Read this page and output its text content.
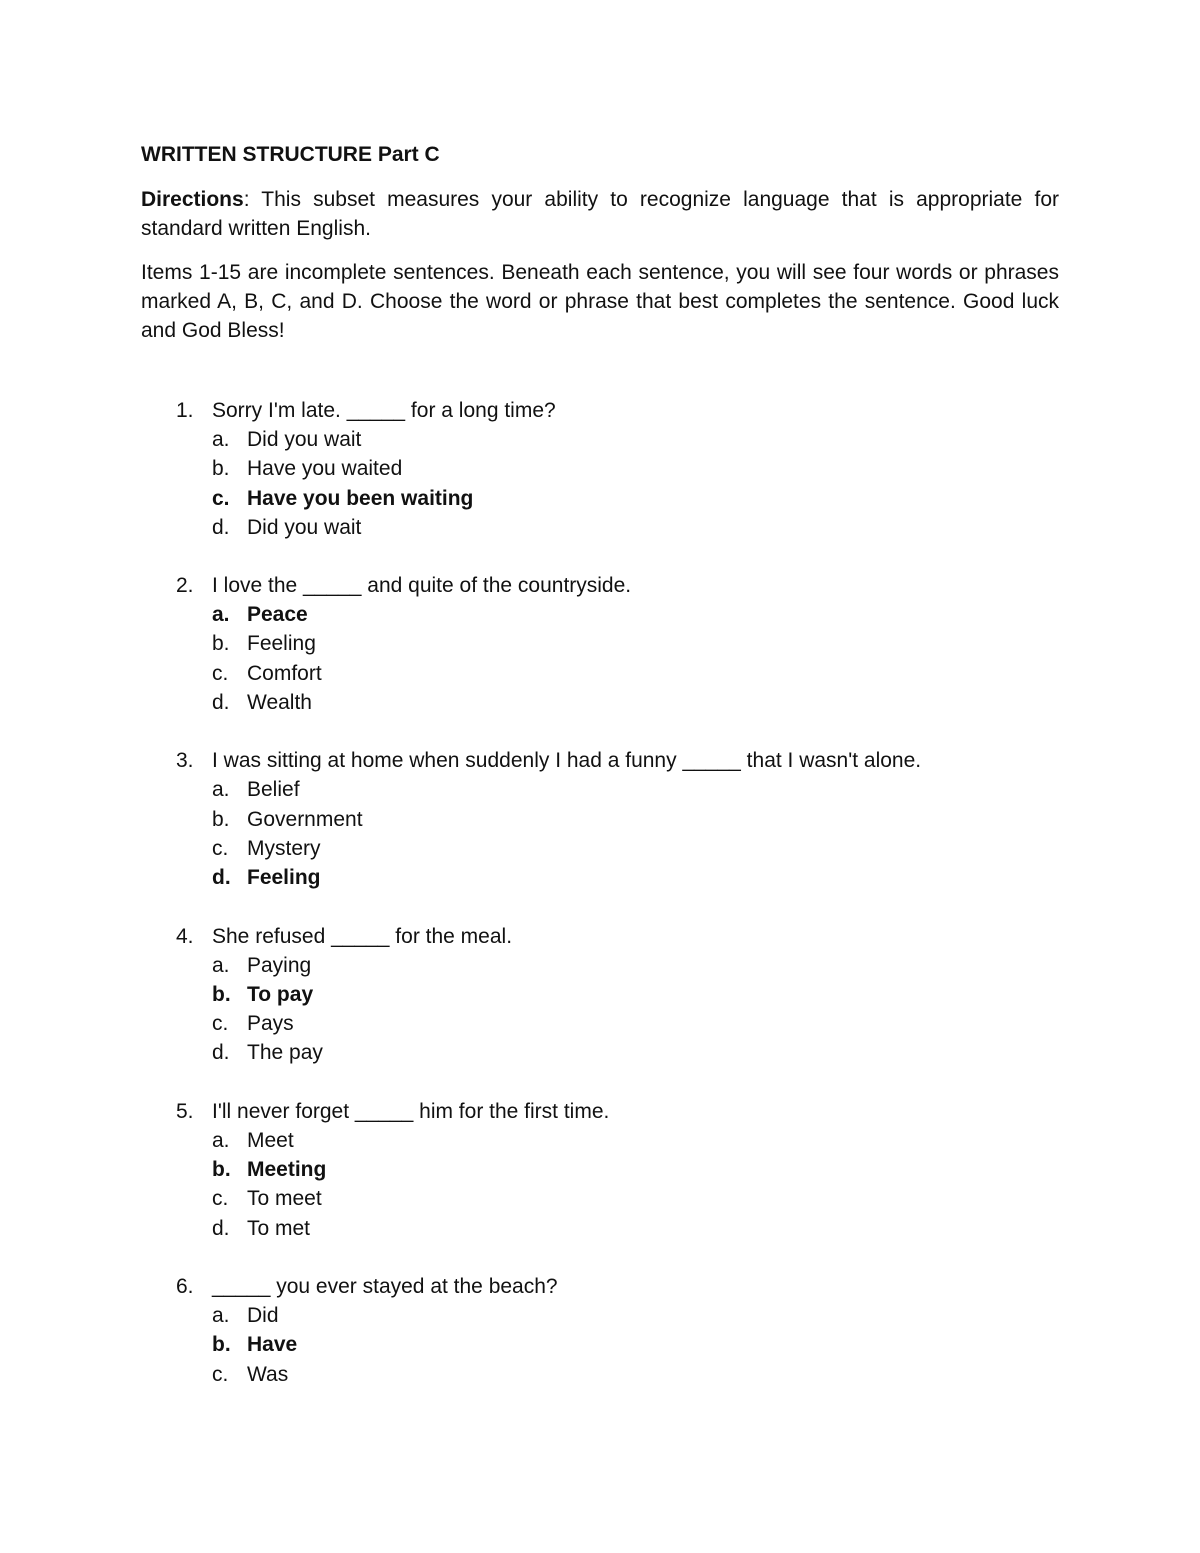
WRITTEN STRUCTURE Part C

Directions: This subset measures your ability to recognize language that is appropriate for standard written English.

Items 1-15 are incomplete sentences. Beneath each sentence, you will see four words or phrases marked A, B, C, and D. Choose the word or phrase that best completes the sentence. Good luck and God Bless!

1. Sorry I'm late. _____ for a long time?
a. Did you wait
b. Have you waited
c. Have you been waiting
d. Did you wait
2. I love the _____ and quite of the countryside.
a. Peace
b. Feeling
c. Comfort
d. Wealth
3. I was sitting at home when suddenly I had a funny _____ that I wasn't alone.
a. Belief
b. Government
c. Mystery
d. Feeling
4. She refused _____ for the meal.
a. Paying
b. To pay
c. Pays
d. The pay
5. I'll never forget _____ him for the first time.
a. Meet
b. Meeting
c. To meet
d. To met
6. _____ you ever stayed at the beach?
a. Did
b. Have
c. Was
